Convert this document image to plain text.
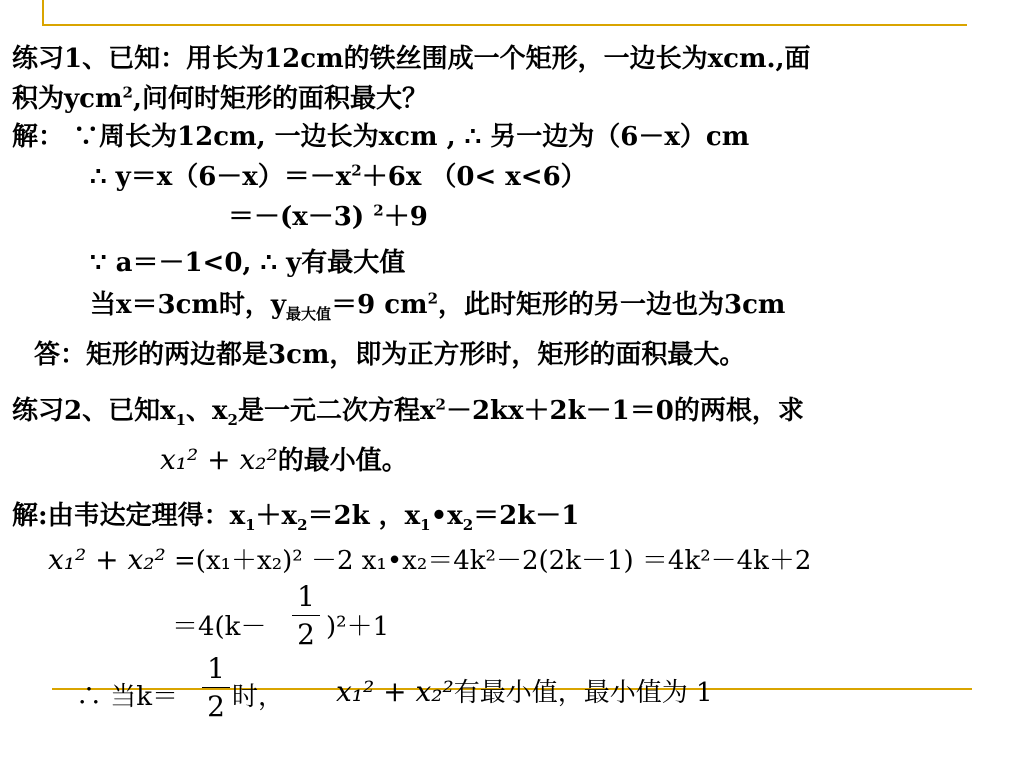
练习1、已知：用长为12cm的铁丝围成一个矩形，一边长为xcm.,面
积为ycm$^2$,问何时矩形的面积最大？
解： ∵周长为12cm, 一边长为xcm , ∴ 另一边为（6－x）cm
∴ $y=x(6-x)=-x^2+6x$ （0< x<6）
＝－(x－3) $^2$＋9
∵ a＝－1<0, ∴ y有最大值
当x＝3cm时，$y_{最大值}=9$ $cm^2$，此时矩形的另一边也为3cm
答：矩形的两边都是3cm，即为正方形时，矩形的面积最大。
练习2、已知$x_1$、$x_2$是一元二次方程$x^2-2kx+2k-1=0$的两根，求
x₁² + x₂²的最小值。
解:由韦达定理得：$x_1+x_2=2k$ ，$x_1•x_2=2k-1$
x₁² + x₂² =(x₁＋x₂)² －2 x₁•x₂＝4k²－2(2k－1) ＝4k²－4k＋2
＝4(k－
1
2 )²＋1
∴ 当k＝
1
2 时， x₁² + x₂²有最小值，最小值为 1
